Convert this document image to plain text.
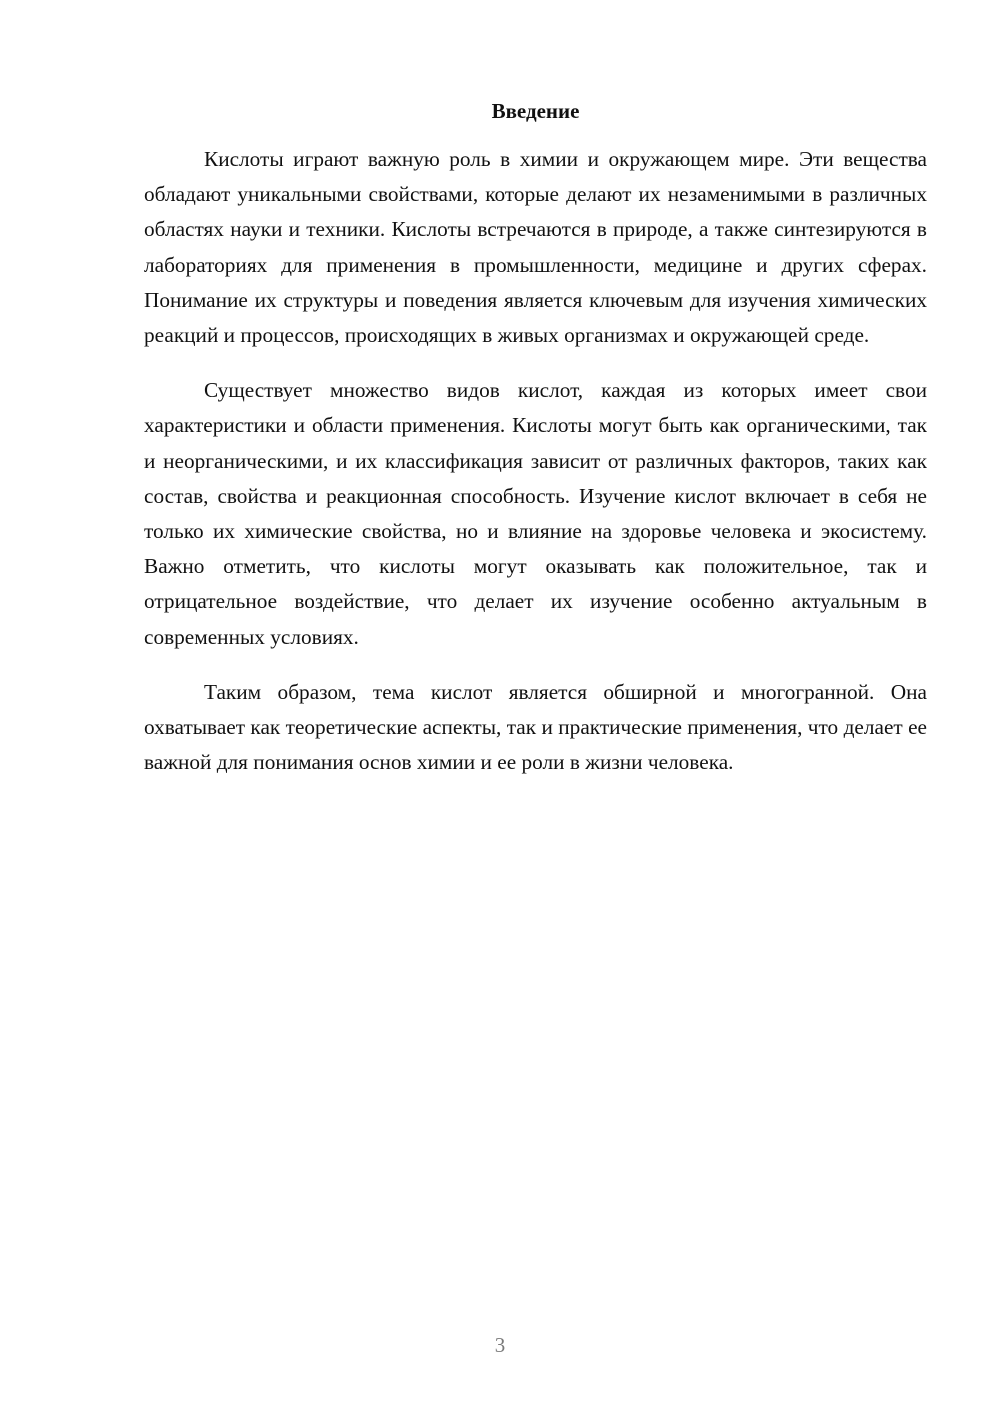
Введение

Кислоты играют важную роль в химии и окружающем мире. Эти вещества обладают уникальными свойствами, которые делают их незаменимыми в различных областях науки и техники. Кислоты встречаются в природе, а также синтезируются в лабораториях для применения в промышленности, медицине и других сферах. Понимание их структуры и поведения является ключевым для изучения химических реакций и процессов, происходящих в живых организмах и окружающей среде.

Существует множество видов кислот, каждая из которых имеет свои характеристики и области применения. Кислоты могут быть как органическими, так и неорганическими, и их классификация зависит от различных факторов, таких как состав, свойства и реакционная способность. Изучение кислот включает в себя не только их химические свойства, но и влияние на здоровье человека и экосистему. Важно отметить, что кислоты могут оказывать как положительное, так и отрицательное воздействие, что делает их изучение особенно актуальным в современных условиях.

Таким образом, тема кислот является обширной и многогранной. Она охватывает как теоретические аспекты, так и практические применения, что делает ее важной для понимания основ химии и ее роли в жизни человека.

3
